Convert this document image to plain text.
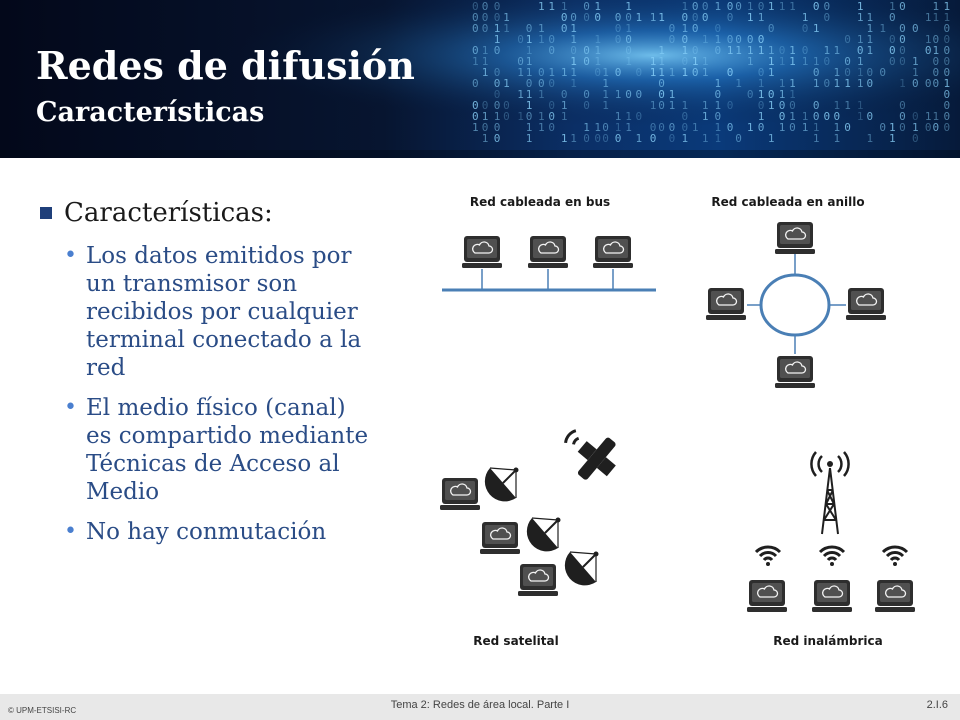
0
0
0
0
1
0
0
0
1
0
0
0
1
1
1
0
1
0
1
0
0
1
1
0
0
0
0
0
1
0
0
1
1
1
0
0
0
0
1
1
1
0
1
1
1
1
0
1
1
0
1
1
1
1
1
0
0
1
1
1
1
0
0
1
0
0
0
0
1
0
0
1
0
1
1
1
0
1
1
0
1
1
1
1
0
0
0
0
0
0
1
0
1
0
1
1
1
0
1
0
1
1
1
1
0
0
0
0
0
0
1
1
1
0
1
0
1
0
0
1
0
1
1
1
0
0
0
1
1
1
1
1
0
0
1
1
1
1
0
0
0
0
0
0
1
1
1
0
0
1
0
1
0
1
0
1
1
0
0
1
0
0
0
0
1
0
1
0
0
1
1
1
1
1
1
1
0
1
0
1
0
1
0
1
1
0
0
0
1
0
0
0
0
0
1
1
0
1
1
0
1
1
0
1
0
1
0
1
0
1
1
0
1
0
1
0
1
1
1
0
1
1
1
0
1
1
1
0
0
1
1
1
1
1
1
0
1
0
1
0
0
1
1
1
0
1
1
0
1
0
0
1
1
0
0
1
0
0
0
1
1
1
1
0
1
1
0
0
0
1
1
0
1
1
1
0
1
1
1
1
1
1
1
1
1
0
0
0
1
1
0
0
1
0
0
0
0
1
1
0
0
0
0
0
1
0
0
0
0
1
1
0
0
1
0
1
1
0
0
1
0
1
1
0
1
0
0
0
1
0
1
1
0
0
0
0
0
1
0
0
0
0
Redes de difusión
Características
Características:
• Los datos emitidos por un transmisor son recibidos por cualquier terminal conectado a la red
• El medio físico (canal) es compartido mediante Técnicas de Acceso al Medio
• No hay conmutación
Red cableada en bus	Red cableada en anillo
Red satelital	Red inalámbrica
© UPM-ETSISI-RC	Tema 2: Redes de área local. Parte I	2.I.6
